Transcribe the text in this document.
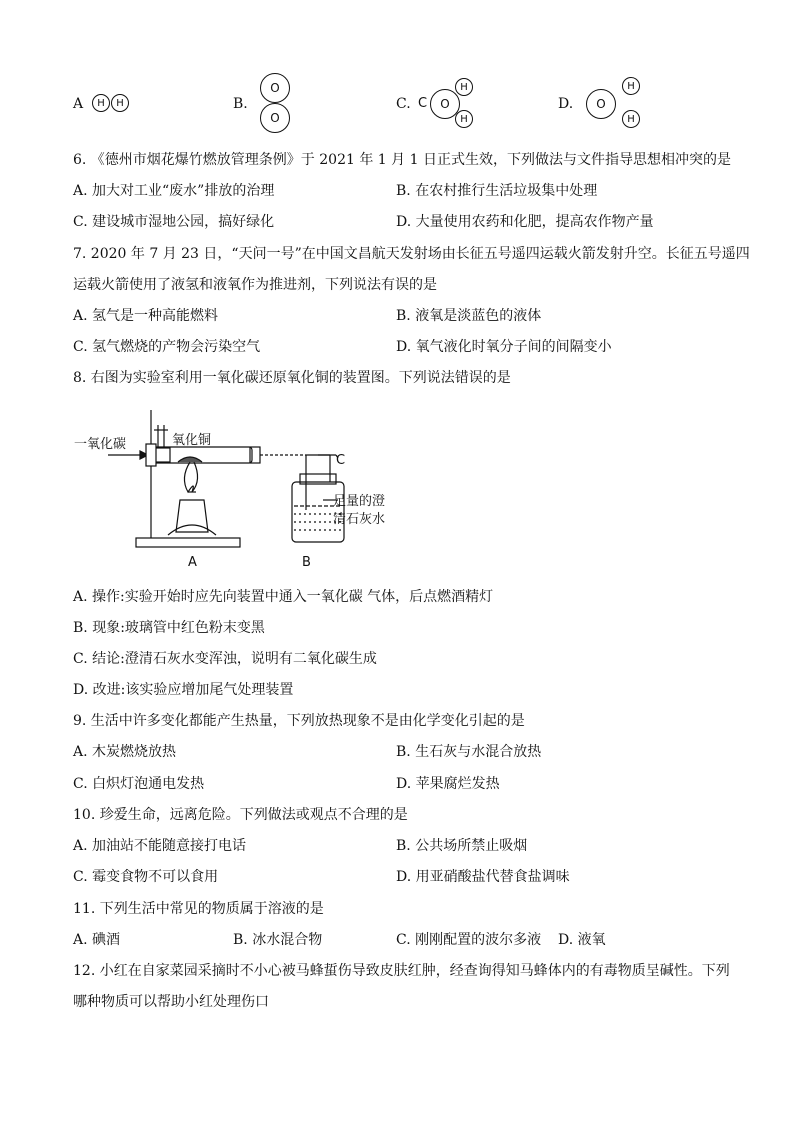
A	H	H	B.
O
O
C. C	O
H
H
D.	O
H
H
6. 《德州市烟花爆竹燃放管理条例》于 2021 年 1 月 1 日正式生效，下列做法与文件指导思想相冲突的是
A. 加大对工业“废水”排放的治理	B. 在农村推行生活垃圾集中处理
C. 建设城市湿地公园，搞好绿化	D. 大量使用农药和化肥，提高农作物产量
7. 2020 年 7 月 23 日，“天问一号”在中国文昌航天发射场由长征五号遥四运载火箭发射升空。长征五号遥四
运载火箭使用了液氢和液氧作为推进剂，下列说法有误的是
A. 氢气是一种高能燃料	B. 液氧是淡蓝色的液体
C. 氢气燃烧的产物会污染空气	D. 氧气液化时氧分子间的间隔变小
8. 右图为实验室利用一氧化碳还原氧化铜的装置图。下列说法错误的是
一氧化碳	氧化铜
C
足量的澄
清石灰水
A	B
A. 操作:实验开始时应先向装置中通入一氧化碳 气体，后点燃酒精灯
B. 现象:玻璃管中红色粉末变黑
C. 结论:澄清石灰水变浑浊，说明有二氧化碳生成
D. 改进:该实验应增加尾气处理装置
9. 生活中许多变化都能产生热量，下列放热现象不是由化学变化引起的是
A. 木炭燃烧放热	B. 生石灰与水混合放热
C. 白炽灯泡通电发热	D. 苹果腐烂发热
10. 珍爱生命，远离危险。下列做法或观点不合理的是
A. 加油站不能随意接打电话	B. 公共场所禁止吸烟
C. 霉变食物不可以食用	D. 用亚硝酸盐代替食盐调味
11. 下列生活中常见的物质属于溶液的是
A. 碘酒	B. 冰水混合物	C. 刚刚配置的波尔多液 D. 液氧
12. 小红在自家菜园采摘时不小心被马蜂蜇伤导致皮肤红肿，经查询得知马蜂体内的有毒物质呈碱性。下列
哪种物质可以帮助小红处理伤口
